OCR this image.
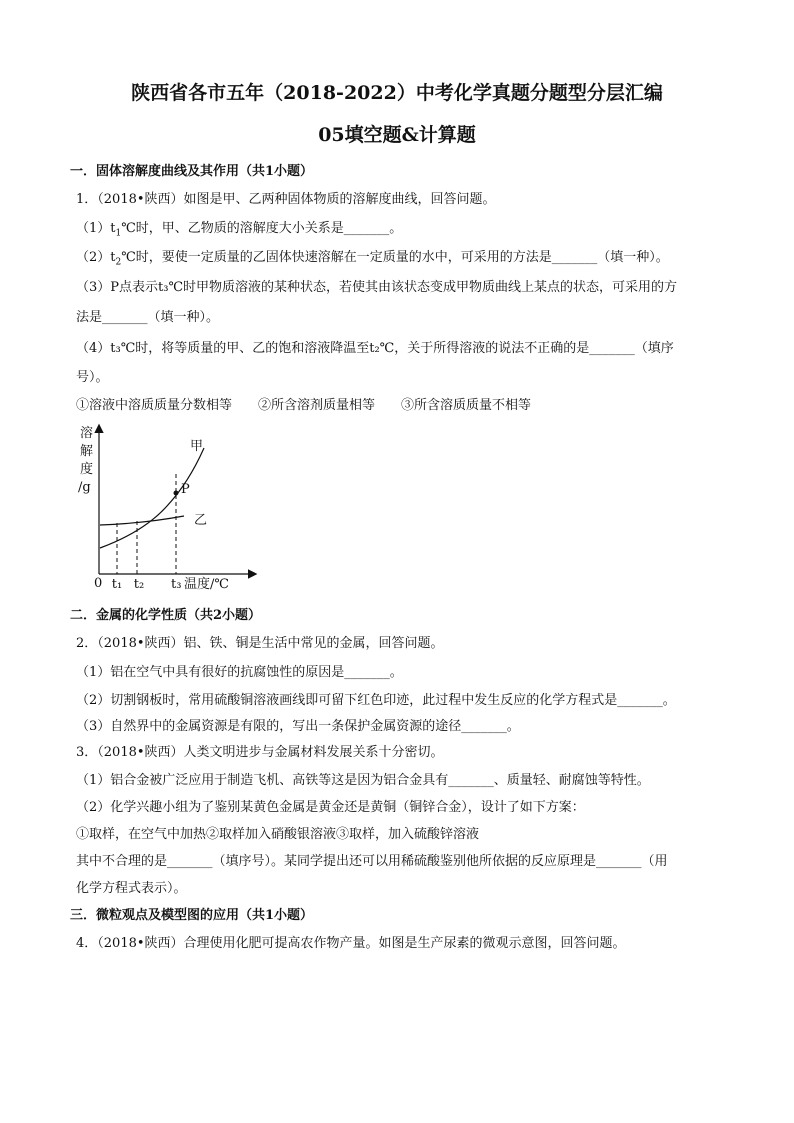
陕西省各市五年（2018-2022）中考化学真题分题型分层汇编
05填空题&计算题
一．固体溶解度曲线及其作用（共1小题）
1．（2018•陕西）如图是甲、乙两种固体物质的溶解度曲线，回答问题。
$(1)t_1℃$时，甲、乙物质的溶解度大小关系是_______。
$(2)t_2℃$时，要使一定质量的乙固体快速溶解在一定质量的水中，可采用的方法是_______（填一种）。
（3）P点表示t₃℃时甲物质溶液的某种状态，若使其由该状态变成甲物质曲线上某点的状态，可采用的方
法是_______（填一种）。
（4）t₃℃时，将等质量的甲、乙的饱和溶液降温至t₂℃，关于所得溶液的说法不正确的是_______（填序
号）。
①溶液中溶质质量分数相等　　②所含溶剂质量相等　　③所含溶质质量不相等
溶
解
度
/g
甲
乙
P
0 t₁ t₂ t₃ 温度/℃
二．金属的化学性质（共2小题）
2．（2018•陕西）铝、铁、铜是生活中常见的金属，回答问题。
（1）铝在空气中具有很好的抗腐蚀性的原因是_______。
（2）切割钢板时，常用硫酸铜溶液画线即可留下红色印迹，此过程中发生反应的化学方程式是_______。
（3）自然界中的金属资源是有限的，写出一条保护金属资源的途径_______。
3．（2018•陕西）人类文明进步与金属材料发展关系十分密切。
（1）铝合金被广泛应用于制造飞机、高铁等这是因为铝合金具有_______、质量轻、耐腐蚀等特性。
（2）化学兴趣小组为了鉴别某黄色金属是黄金还是黄铜（铜锌合金），设计了如下方案：
①取样，在空气中加热②取样加入硝酸银溶液③取样，加入硫酸锌溶液
其中不合理的是_______（填序号）。某同学提出还可以用稀硫酸鉴别他所依据的反应原理是_______（用
化学方程式表示）。
三．微粒观点及模型图的应用（共1小题）
4．（2018•陕西）合理使用化肥可提高农作物产量。如图是生产尿素的微观示意图，回答问题。
